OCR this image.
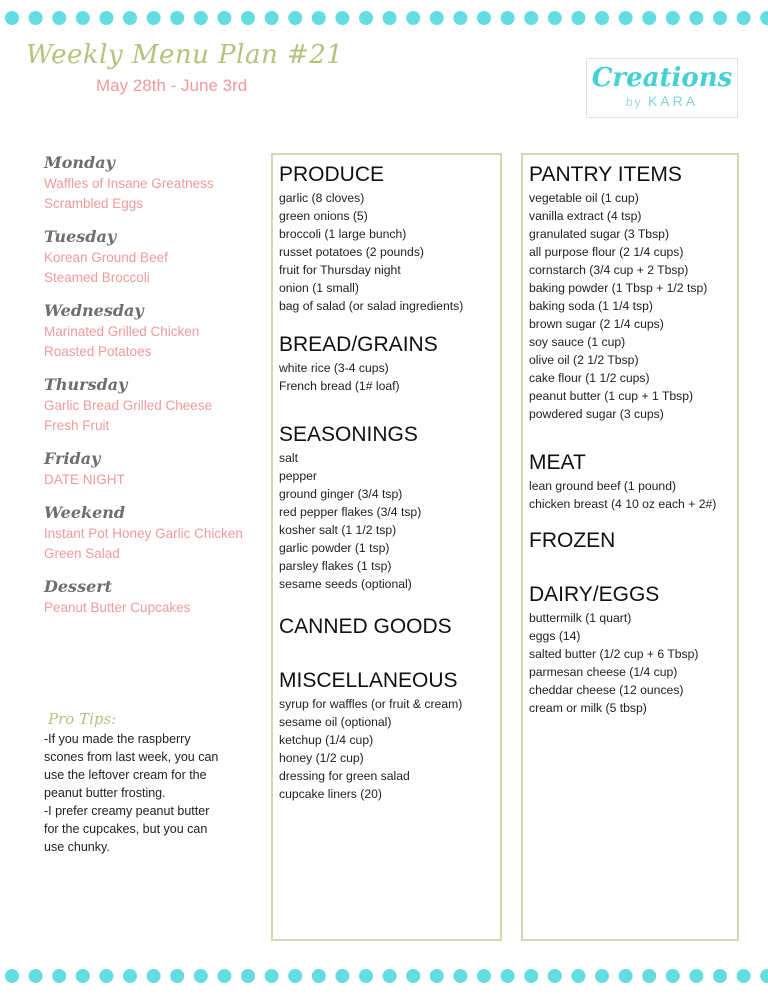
Weekly Menu Plan #21
May 28th - June 3rd	Creations
by KARA
Monday
Waffles of Insane Greatness
Scrambled Eggs
Tuesday
Korean Ground Beef
Steamed Broccoli
Wednesday
Marinated Grilled Chicken
Roasted Potatoes
Thursday
Garlic Bread Grilled Cheese
Fresh Fruit
Friday
DATE NIGHT
Weekend
Instant Pot Honey Garlic Chicken
Green Salad
Dessert
Peanut Butter Cupcakes
Pro Tips:
-If you made the raspberry scones from last week, you can use the leftover cream for the peanut butter frosting.
-I prefer creamy peanut butter for the cupcakes, but you can use chunky.
PRODUCE
garlic (8 cloves)
green onions (5)
broccoli (1 large bunch)
russet potatoes (2 pounds)
fruit for Thursday night
onion (1 small)
bag of salad (or salad ingredients)
BREAD/GRAINS
white rice (3-4 cups)
French bread (1# loaf)
SEASONINGS
salt
pepper
ground ginger (3/4 tsp)
red pepper flakes (3/4 tsp)
kosher salt (1 1/2 tsp)
garlic powder (1 tsp)
parsley flakes (1 tsp)
sesame seeds (optional)
CANNED GOODS
MISCELLANEOUS
syrup for waffles (or fruit & cream)
sesame oil (optional)
ketchup (1/4 cup)
honey (1/2 cup)
dressing for green salad
cupcake liners (20)
PANTRY ITEMS
vegetable oil (1 cup)
vanilla extract (4 tsp)
granulated sugar (3 Tbsp)
all purpose flour (2 1/4 cups)
cornstarch (3/4 cup + 2 Tbsp)
baking powder (1 Tbsp + 1/2 tsp)
baking soda (1 1/4 tsp)
brown sugar (2 1/4 cups)
soy sauce (1 cup)
olive oil (2 1/2 Tbsp)
cake flour (1 1/2 cups)
peanut butter (1 cup + 1 Tbsp)
powdered sugar (3 cups)
MEAT
lean ground beef (1 pound)
chicken breast (4 10 oz each + 2#)
FROZEN
DAIRY/EGGS
buttermilk (1 quart)
eggs (14)
salted butter (1/2 cup + 6 Tbsp)
parmesan cheese (1/4 cup)
cheddar cheese (12 ounces)
cream or milk (5 tbsp)
